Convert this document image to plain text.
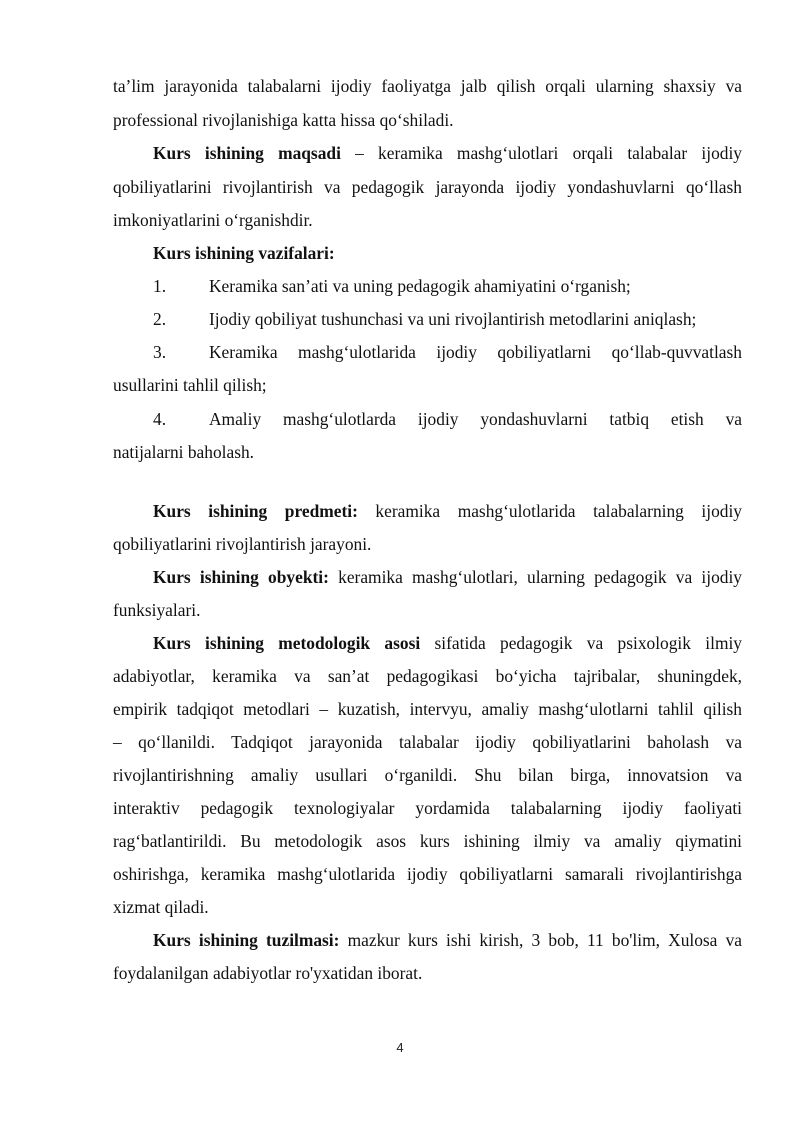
ta’lim jarayonida talabalarni ijodiy faoliyatga jalb qilish orqali ularning shaxsiy va
professional rivojlanishiga katta hissa qo‘shiladi.
Kurs ishining maqsadi – keramika mashg‘ulotlari orqali talabalar ijodiy
qobiliyatlarini rivojlantirish va pedagogik jarayonda ijodiy yondashuvlarni qo‘llash
imkoniyatlarini o‘rganishdir.
Kurs ishining vazifalari:
1. Keramika san’ati va uning pedagogik ahamiyatini o‘rganish;
2. Ijodiy qobiliyat tushunchasi va uni rivojlantirish metodlarini aniqlash;
3. Keramika mashg‘ulotlarida ijodiy qobiliyatlarni qo‘llab-quvvatlash
usullarini tahlil qilish;
4. Amaliy mashg‘ulotlarda ijodiy yondashuvlarni tatbiq etish va
natijalarni baholash.
Kurs ishining predmeti: keramika mashg‘ulotlarida talabalarning ijodiy
qobiliyatlarini rivojlantirish jarayoni.
Kurs ishining obyekti: keramika mashg‘ulotlari, ularning pedagogik va ijodiy
funksiyalari.
Kurs ishining metodologik asosi sifatida pedagogik va psixologik ilmiy
adabiyotlar, keramika va san’at pedagogikasi bo‘yicha tajribalar, shuningdek,
empirik tadqiqot metodlari – kuzatish, intervyu, amaliy mashg‘ulotlarni tahlil qilish
– qo‘llanildi. Tadqiqot jarayonida talabalar ijodiy qobiliyatlarini baholash va
rivojlantirishning amaliy usullari o‘rganildi. Shu bilan birga, innovatsion va
interaktiv pedagogik texnologiyalar yordamida talabalarning ijodiy faoliyati
rag‘batlantirildi. Bu metodologik asos kurs ishining ilmiy va amaliy qiymatini
oshirishga, keramika mashg‘ulotlarida ijodiy qobiliyatlarni samarali rivojlantirishga
xizmat qiladi.
Kurs ishining tuzilmasi: mazkur kurs ishi kirish, 3 bob, 11 bo'lim, Xulosa va
foydalanilgan adabiyotlar ro'yxatidan iborat.
4
